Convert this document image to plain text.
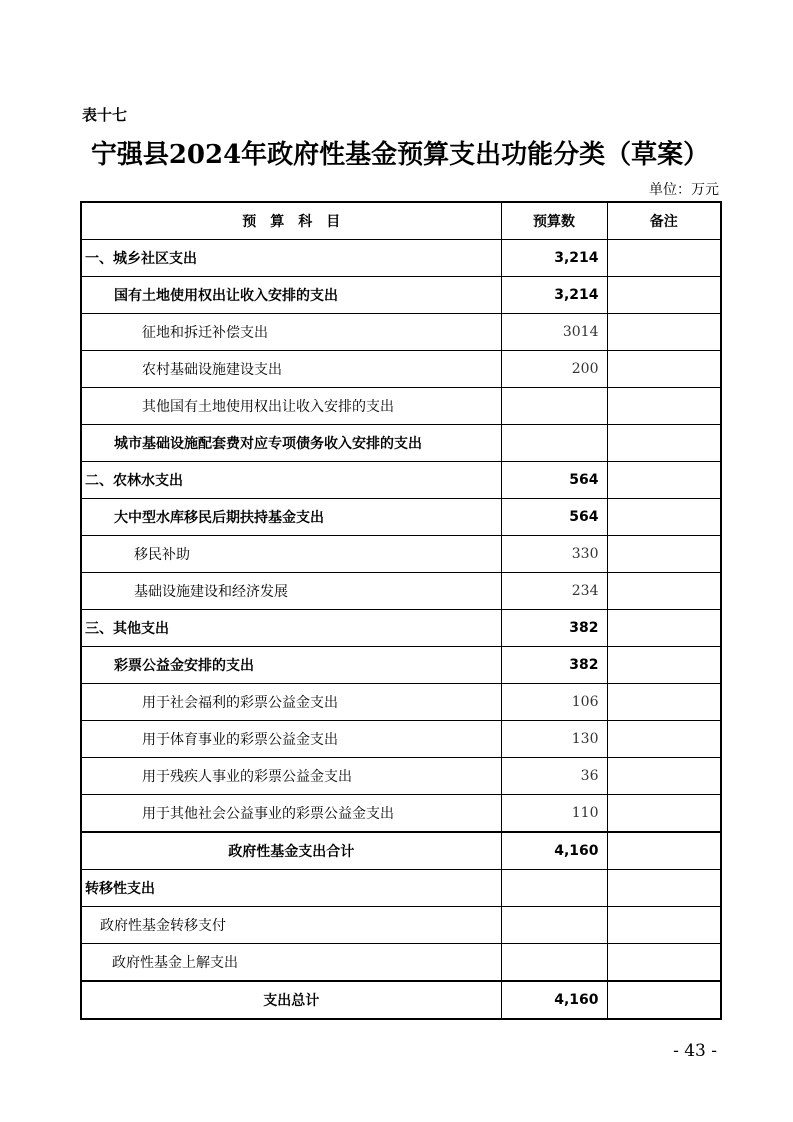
表十七
宁强县2024年政府性基金预算支出功能分类（草案）
单位：万元
预　算　科　目	预算数	备注
一、城乡社区支出	3,214	
国有土地使用权出让收入安排的支出	3,214	
征地和拆迁补偿支出	3014	
农村基础设施建设支出	200	
其他国有土地使用权出让收入安排的支出		
城市基础设施配套费对应专项债务收入安排的支出		
二、农林水支出	564	
大中型水库移民后期扶持基金支出	564	
移民补助	330	
基础设施建设和经济发展	234	
三、其他支出	382	
彩票公益金安排的支出	382	
用于社会福利的彩票公益金支出	106	
用于体育事业的彩票公益金支出	130	
用于残疾人事业的彩票公益金支出	36	
用于其他社会公益事业的彩票公益金支出	110	
政府性基金支出合计	4,160	
转移性支出		
政府性基金转移支付		
政府性基金上解支出		
支出总计	4,160	
- 43 -
